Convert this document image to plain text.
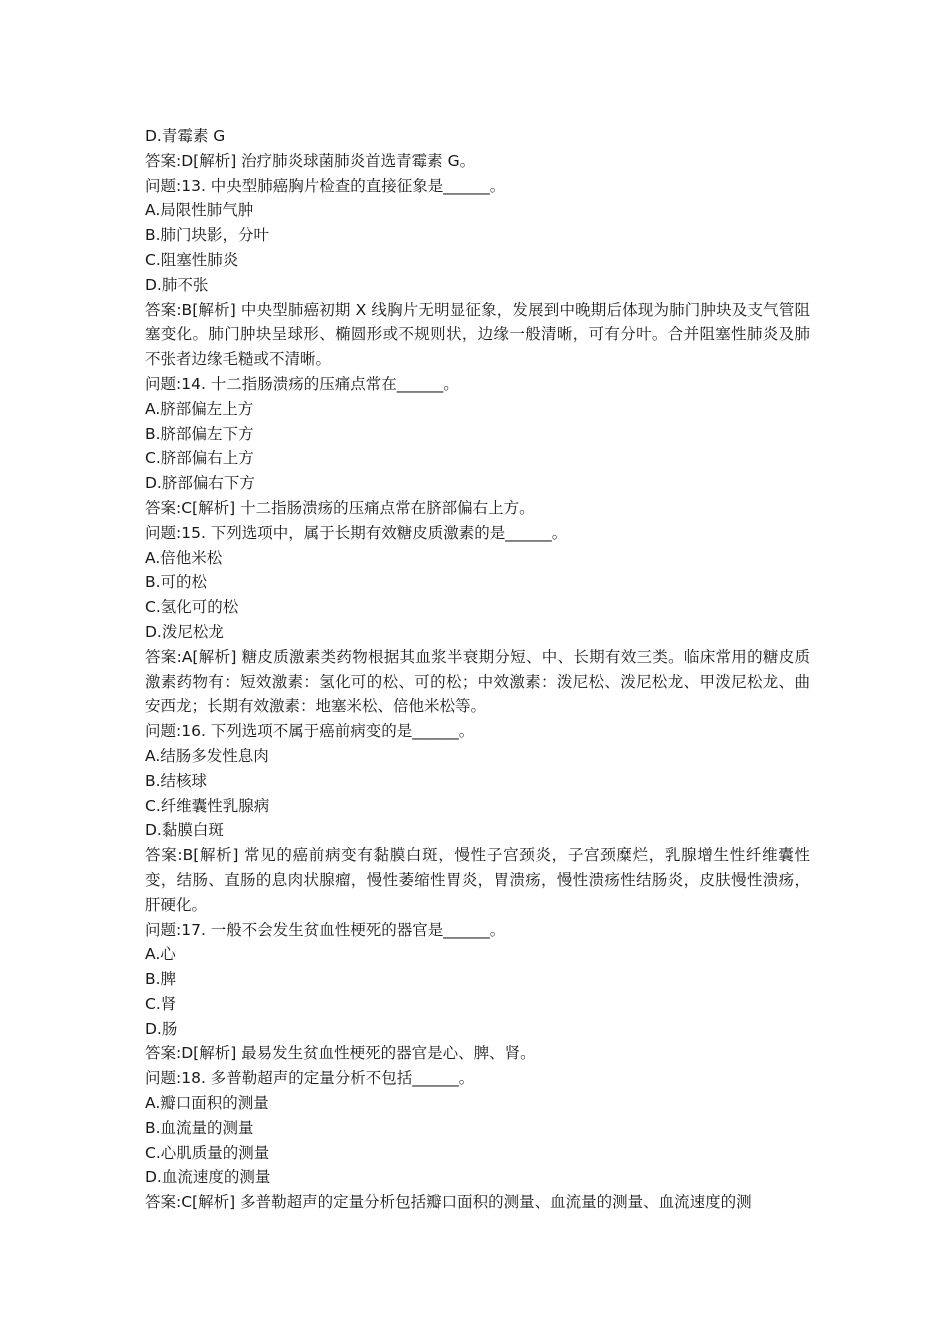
D.青霉素 G
答案:D[解析] 治疗肺炎球菌肺炎首选青霉素 G。
问题:13. 中央型肺癌胸片检查的直接征象是______。
A.局限性肺气肿
B.肺门块影，分叶
C.阻塞性肺炎
D.肺不张
答案:B[解析] 中央型肺癌初期 X 线胸片无明显征象，发展到中晚期后体现为肺门肿块及支气管阻塞变化。肺门肿块呈球形、椭圆形或不规则状，边缘一般清晰，可有分叶。合并阻塞性肺炎及肺不张者边缘毛糙或不清晰。
问题:14. 十二指肠溃疡的压痛点常在______。
A.脐部偏左上方
B.脐部偏左下方
C.脐部偏右上方
D.脐部偏右下方
答案:C[解析] 十二指肠溃疡的压痛点常在脐部偏右上方。
问题:15. 下列选项中，属于长期有效糖皮质激素的是______。
A.倍他米松
B.可的松
C.氢化可的松
D.泼尼松龙
答案:A[解析] 糖皮质激素类药物根据其血浆半衰期分短、中、长期有效三类。临床常用的糖皮质激素药物有：短效激素：氢化可的松、可的松；中效激素：泼尼松、泼尼松龙、甲泼尼松龙、曲安西龙；长期有效激素：地塞米松、倍他米松等。
问题:16. 下列选项不属于癌前病变的是______。
A.结肠多发性息肉
B.结核球
C.纤维囊性乳腺病
D.黏膜白斑
答案:B[解析] 常见的癌前病变有黏膜白斑，慢性子宫颈炎，子宫颈糜烂，乳腺增生性纤维囊性变，结肠、直肠的息肉状腺瘤，慢性萎缩性胃炎，胃溃疡，慢性溃疡性结肠炎，皮肤慢性溃疡，肝硬化。
问题:17. 一般不会发生贫血性梗死的器官是______。
A.心
B.脾
C.肾
D.肠
答案:D[解析] 最易发生贫血性梗死的器官是心、脾、肾。
问题:18. 多普勒超声的定量分析不包括______。
A.瓣口面积的测量
B.血流量的测量
C.心肌质量的测量
D.血流速度的测量
答案:C[解析] 多普勒超声的定量分析包括瓣口面积的测量、血流量的测量、血流速度的测
